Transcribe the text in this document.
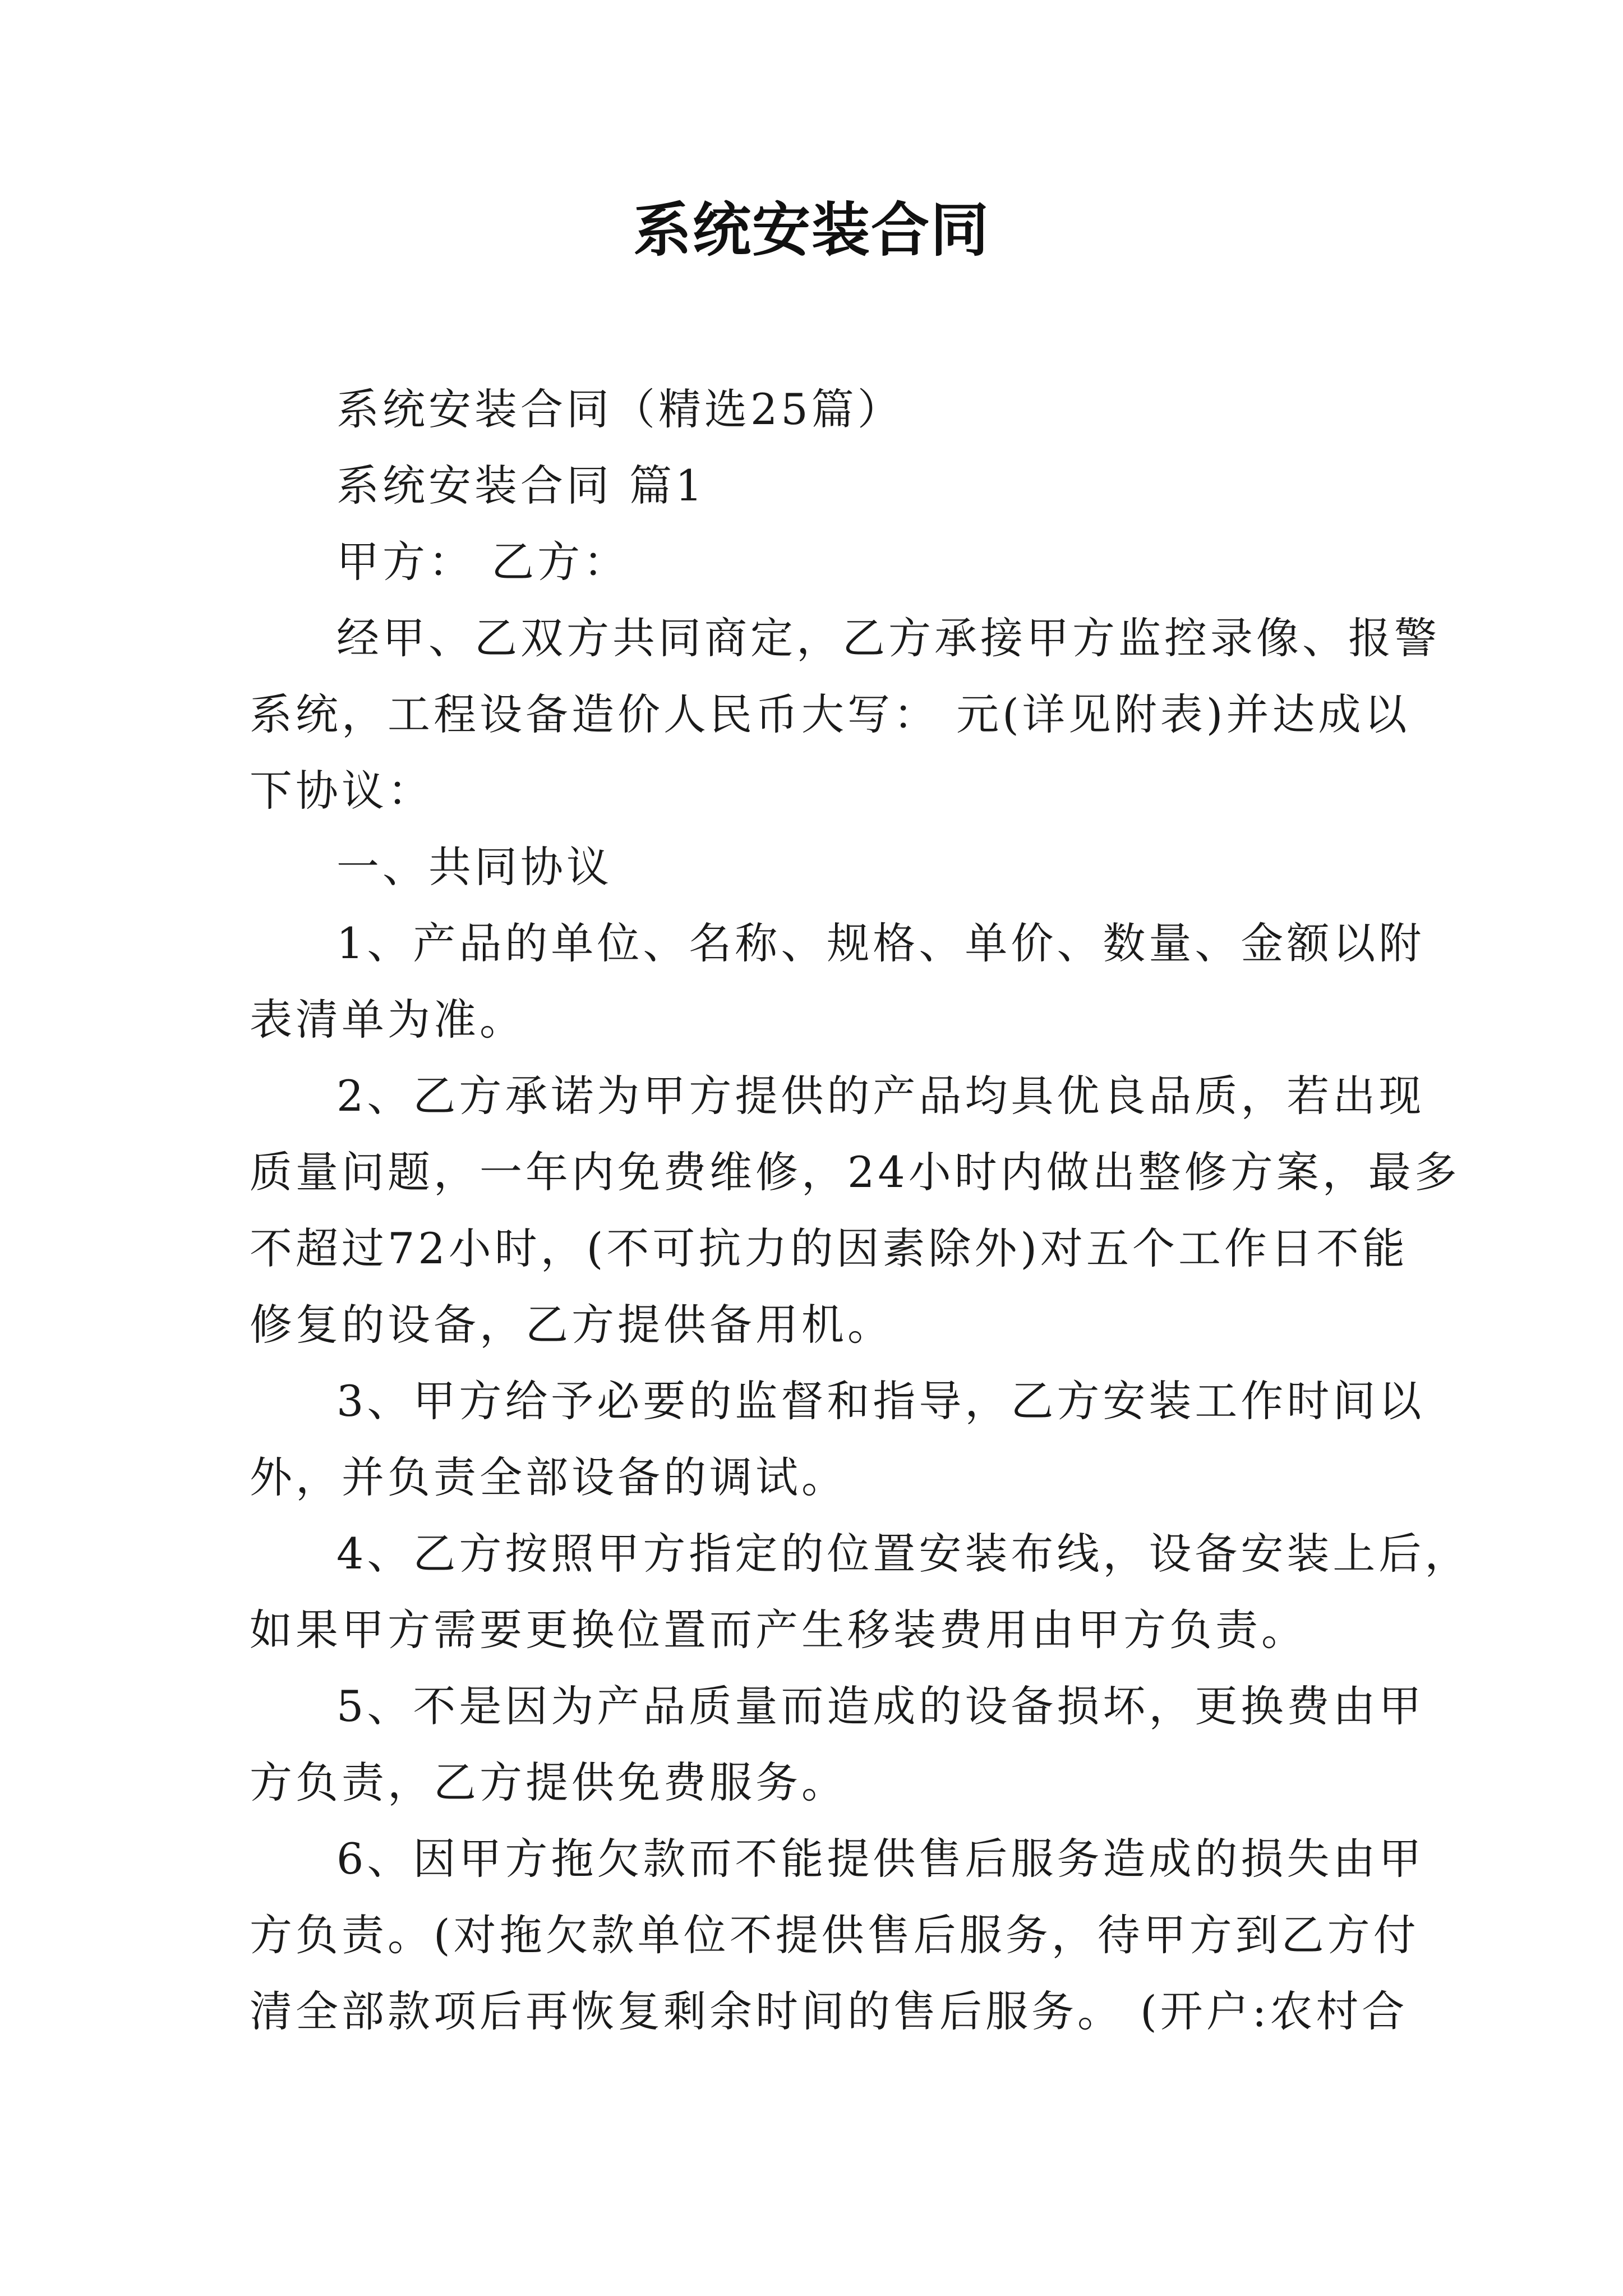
系统安装合同
系统安装合同（精选25篇）
系统安装合同 篇1
甲方： 乙方：
经甲、乙双方共同商定，乙方承接甲方监控录像、报警
系统，工程设备造价人民币大写： 元(详见附表)并达成以
下协议：
一、共同协议
1、产品的单位、名称、规格、单价、数量、金额以附
表清单为准。
2、乙方承诺为甲方提供的产品均具优良品质，若出现
质量问题，一年内免费维修，24小时内做出整修方案，最多
不超过72小时，(不可抗力的因素除外)对五个工作日不能
修复的设备，乙方提供备用机。
3、甲方给予必要的监督和指导，乙方安装工作时间以
外，并负责全部设备的调试。
4、乙方按照甲方指定的位置安装布线，设备安装上后，
如果甲方需要更换位置而产生移装费用由甲方负责。
5、不是因为产品质量而造成的设备损坏，更换费由甲
方负责，乙方提供免费服务。
6、因甲方拖欠款而不能提供售后服务造成的损失由甲
方负责。(对拖欠款单位不提供售后服务，待甲方到乙方付
清全部款项后再恢复剩余时间的售后服务。 (开户:农村合
